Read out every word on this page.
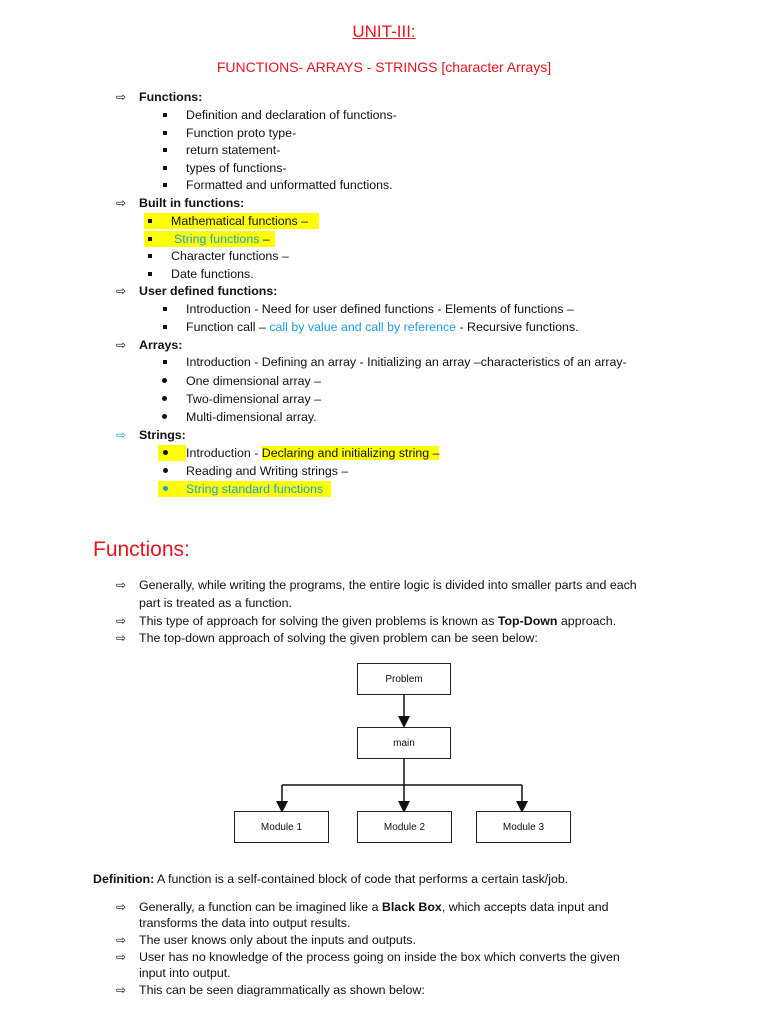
UNIT-III:
FUNCTIONS- ARRAYS - STRINGS [character Arrays]
⇨ Functions:
Definition and declaration of functions-
Function proto type-
return statement-
types of functions-
Formatted and unformatted functions.
⇨ Built in functions:
Mathematical functions –
String functions –
Character functions –
Date functions.
⇨ User defined functions:
Introduction - Need for user defined functions - Elements of functions –
Function call – call by value and call by reference - Recursive functions.
⇨ Arrays:
Introduction - Defining an array - Initializing an array –characteristics of an array-
One dimensional array –
Two-dimensional array –
Multi-dimensional array.
⇨ Strings:
Introduction - Declaring and initializing string –
Reading and Writing strings –
String standard functions
Functions:
⇨ Generally, while writing the programs, the entire logic is divided into smaller parts and each
part is treated as a function.
⇨ This type of approach for solving the given problems is known as Top-Down approach.
⇨ The top-down approach of solving the given problem can be seen below:
Problem
main
Module 1	Module 2	Module 3
Definition: A function is a self-contained block of code that performs a certain task/job.
⇨ Generally, a function can be imagined like a Black Box, which accepts data input and
transforms the data into output results.
⇨ The user knows only about the inputs and outputs.
⇨ User has no knowledge of the process going on inside the box which converts the given
input into output.
⇨ This can be seen diagrammatically as shown below:
